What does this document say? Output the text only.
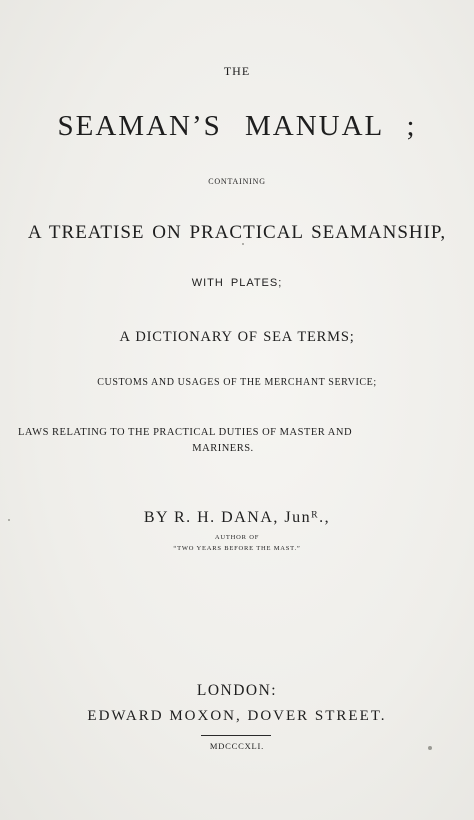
THE
SEAMAN’S MANUAL ;
CONTAINING
A TREATISE ON PRACTICAL SEAMANSHIP,
WITH PLATES;
A DICTIONARY OF SEA TERMS;
CUSTOMS AND USAGES OF THE MERCHANT SERVICE;
LAWS RELATING TO THE PRACTICAL DUTIES OF MASTER AND
MARINERS.
BY R. H. DANA, Junᴿ.,
AUTHOR OF
“TWO YEARS BEFORE THE MAST.”
LONDON:
EDWARD MOXON, DOVER STREET.
MDCCCXLI.
